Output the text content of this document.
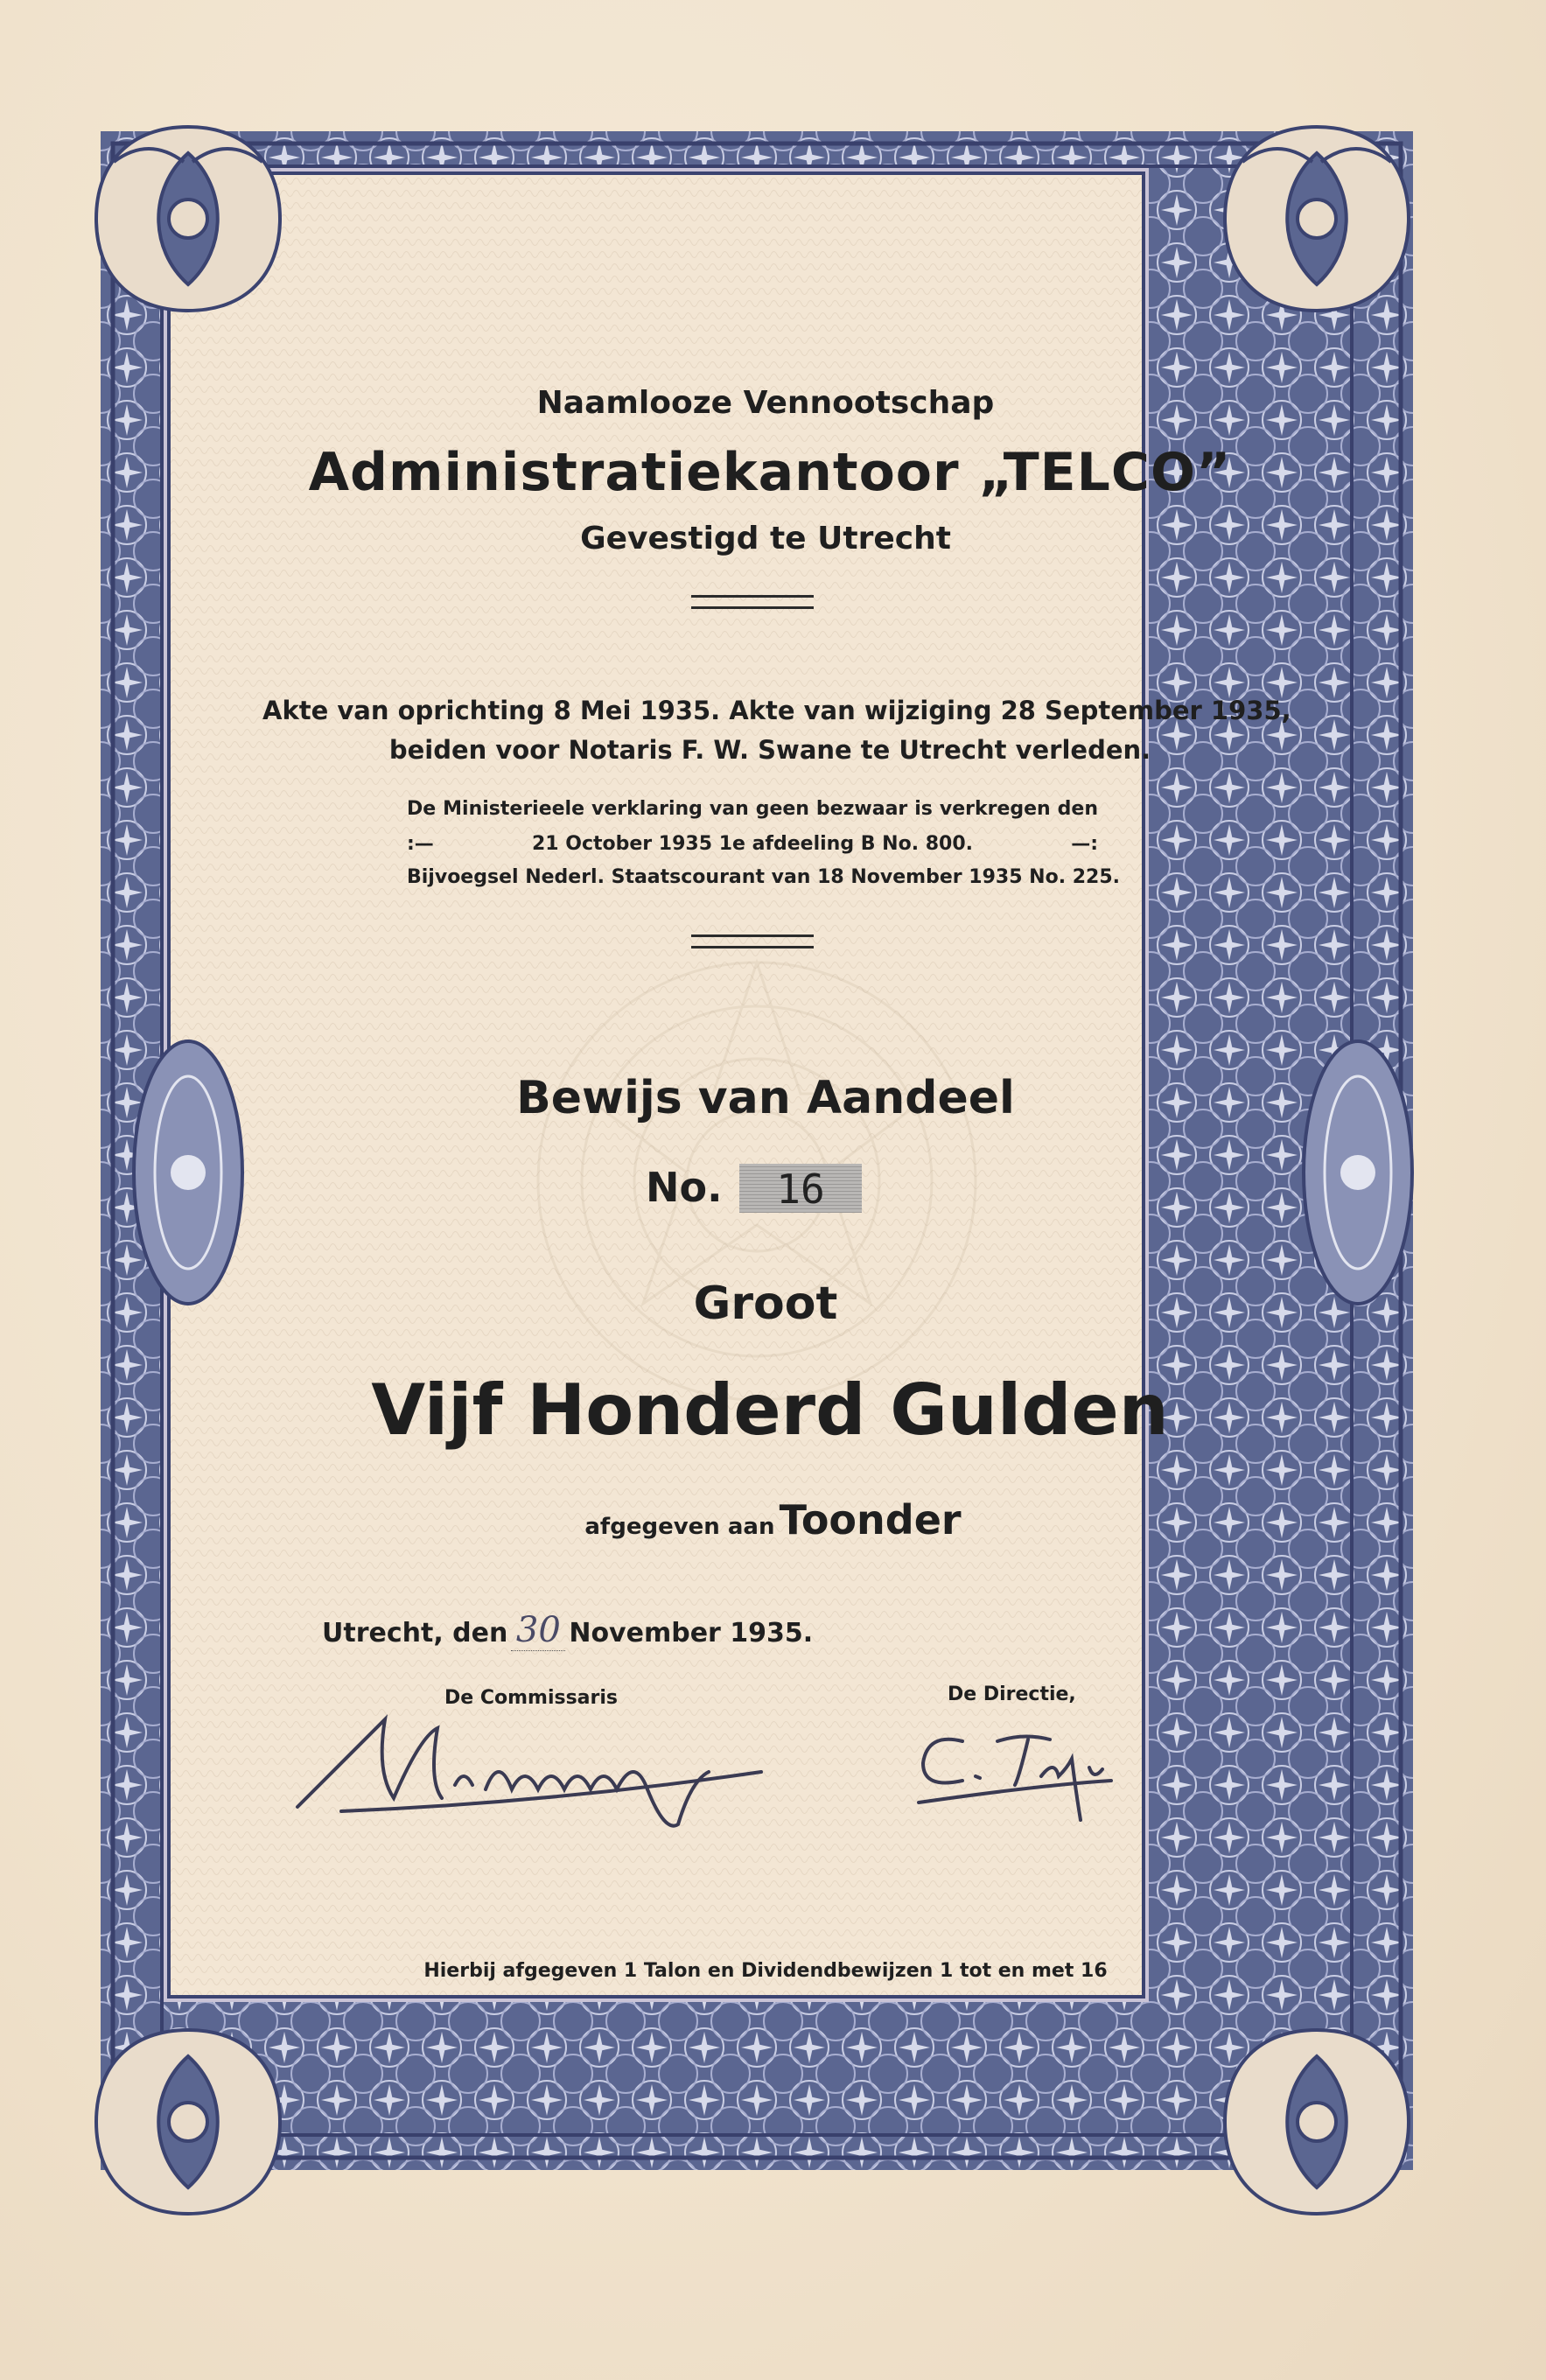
Naamlooze Vennootschap
Administratiekantoor „TELCO”
Gevestigd te Utrecht
Akte van oprichting 8 Mei 1935. Akte van wijziging 28 September 1935,
beiden voor Notaris F. W. Swane te Utrecht verleden.
De Ministerieele verklaring van geen bezwaar is verkregen den
:—	21 October 1935 1e afdeeling B No. 800.	—:
Bijvoegsel Nederl. Staatscourant van 18 November 1935 No. 225.
Bewijs van Aandeel
No.	16
Groot
Vijf Honderd Gulden
afgegeven aan Toonder
Utrecht, den 30 November 1935.
De Commissaris	De Directie,
Hierbij afgegeven 1 Talon en Dividendbewijzen 1 tot en met 16
